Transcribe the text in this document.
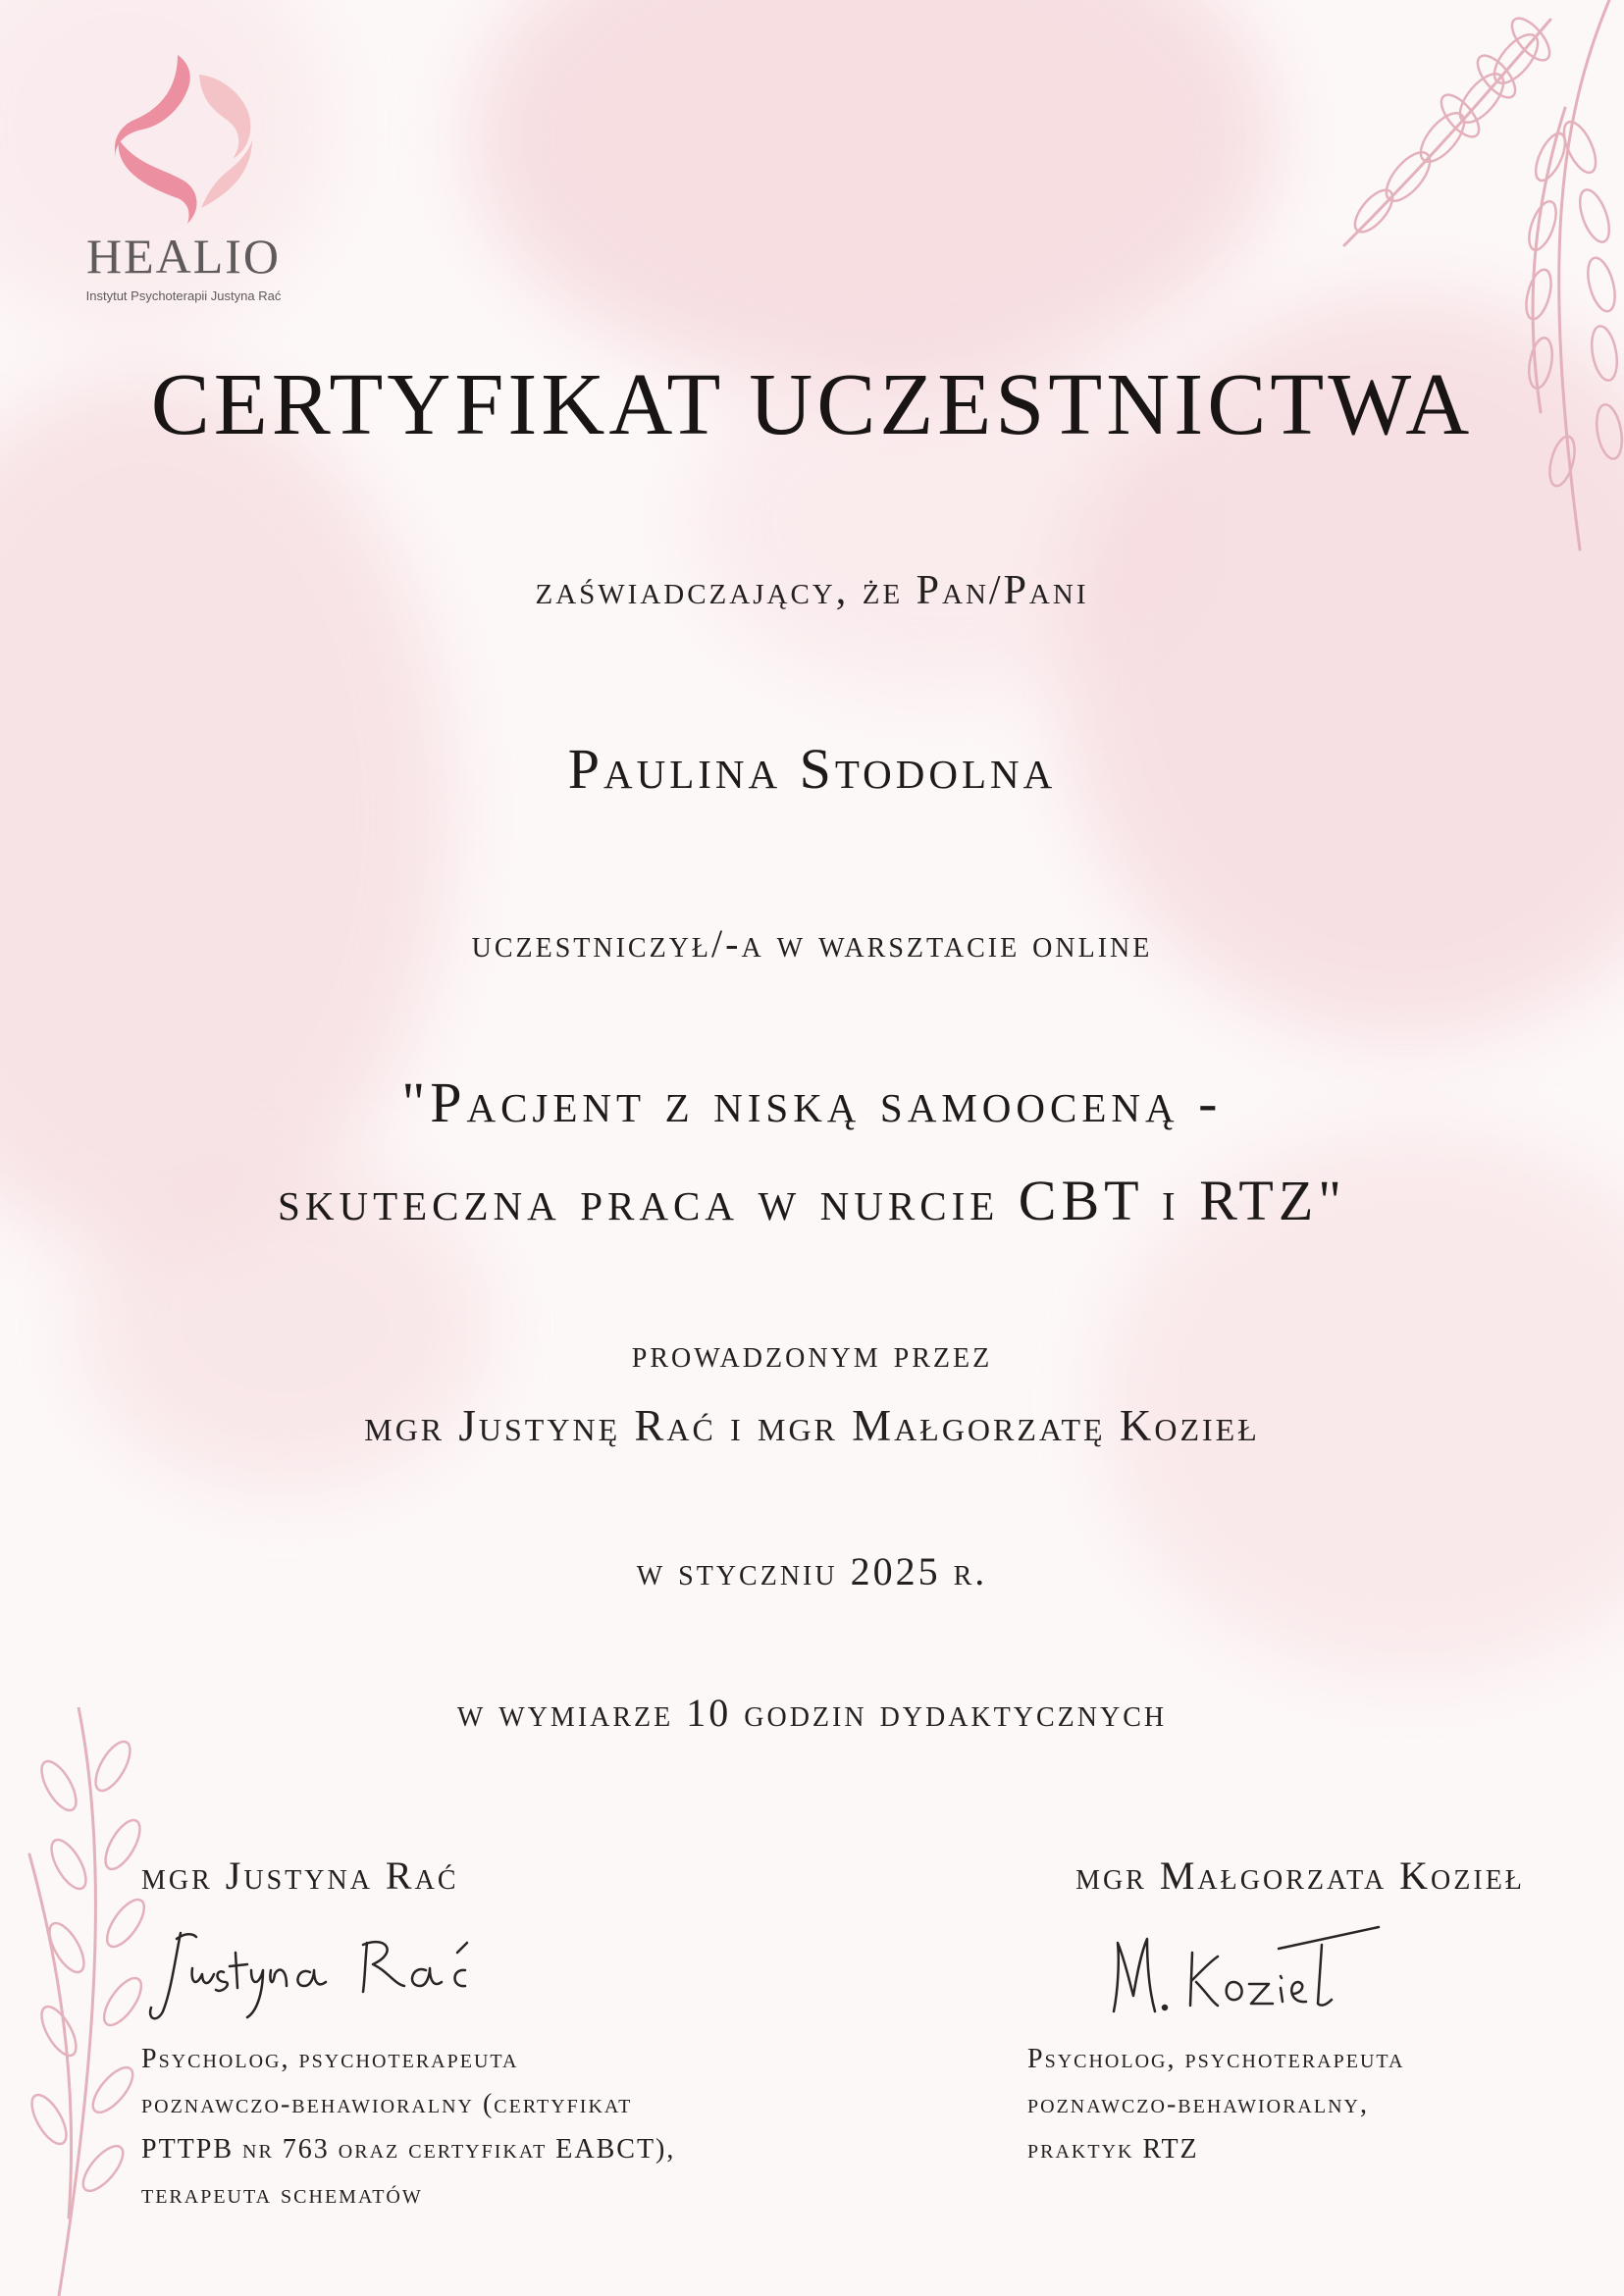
HEALIO
Instytut Psychoterapii Justyna Rać
CERTYFIKAT UCZESTNICTWA
zaświadczający, że Pan/Pani
Paulina Stodolna
uczestniczył/-a w warsztacie online
"Pacjent z niską samooceną -
skuteczna praca w nurcie CBT i RTZ"
prowadzonym przez
mgr Justynę Rać i mgr Małgorzatę Kozieł
w styczniu 2025 r.
w wymiarze 10 godzin dydaktycznych
mgr Justyna Rać
Psycholog, psychoterapeuta
poznawczo-behawioralny (certyfikat
PTTPB nr 763 oraz certyfikat EABCT),
terapeuta schematów
mgr Małgorzata Kozieł
Psycholog, psychoterapeuta
poznawczo-behawioralny,
praktyk RTZ
